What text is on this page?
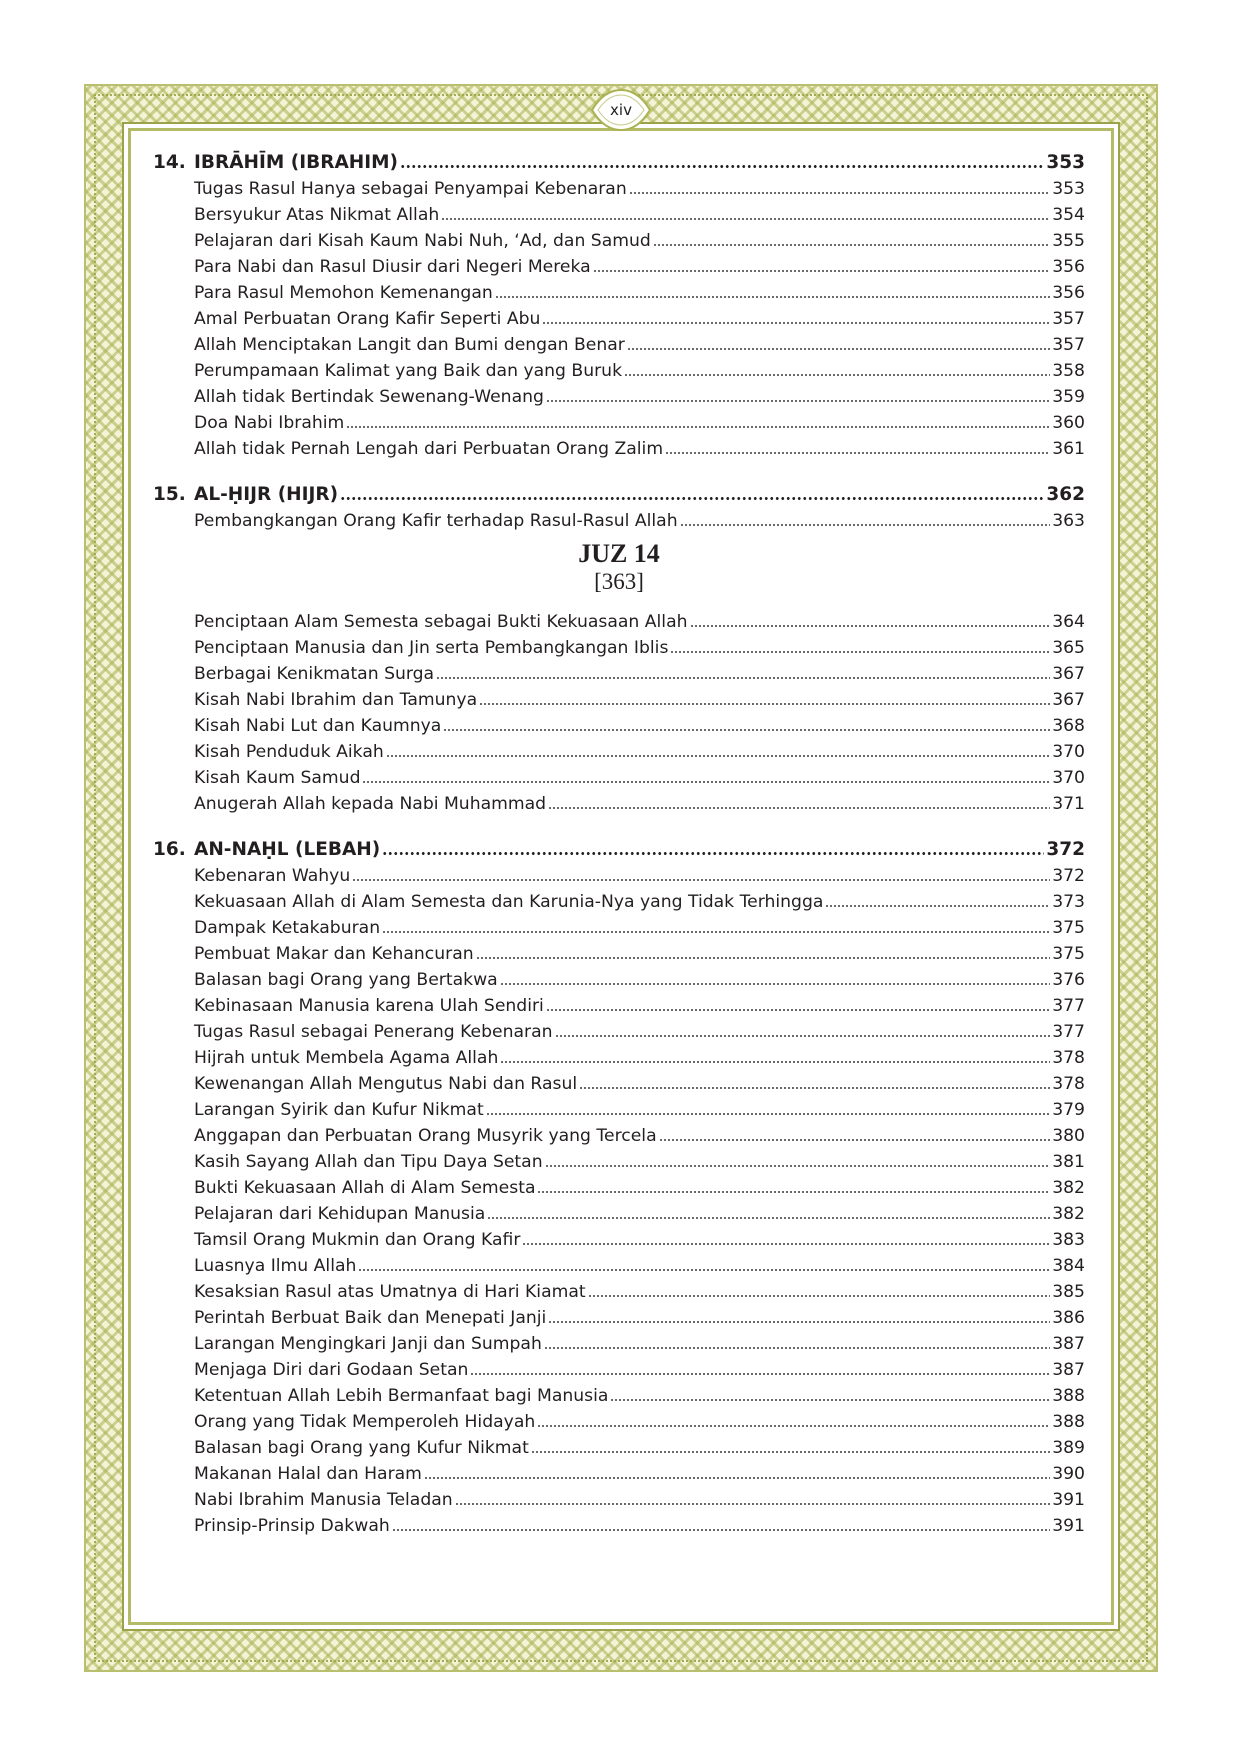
xiv
14. IBRĀHĪM (IBRAHIM)	353
Tugas Rasul Hanya sebagai Penyampai Kebenaran	353
Bersyukur Atas Nikmat Allah	354
Pelajaran dari Kisah Kaum Nabi Nuh, ‘Ad, dan Samud	355
Para Nabi dan Rasul Diusir dari Negeri Mereka	356
Para Rasul Memohon Kemenangan	356
Amal Perbuatan Orang Kafir Seperti Abu	357
Allah Menciptakan Langit dan Bumi dengan Benar	357
Perumpamaan Kalimat yang Baik dan yang Buruk	358
Allah tidak Bertindak Sewenang-Wenang	359
Doa Nabi Ibrahim	360
Allah tidak Pernah Lengah dari Perbuatan Orang Zalim	361
15. AL-ḤIJR (HIJR)	362
Pembangkangan Orang Kafir terhadap Rasul-Rasul Allah	363
JUZ 14
[363]
Penciptaan Alam Semesta sebagai Bukti Kekuasaan Allah	364
Penciptaan Manusia dan Jin serta Pembangkangan Iblis	365
Berbagai Kenikmatan Surga	367
Kisah Nabi Ibrahim dan Tamunya	367
Kisah Nabi Lut dan Kaumnya	368
Kisah Penduduk Aikah	370
Kisah Kaum Samud	370
Anugerah Allah kepada Nabi Muhammad	371
16. AN-NAḤL (LEBAH)	372
Kebenaran Wahyu	372
Kekuasaan Allah di Alam Semesta dan Karunia-Nya yang Tidak Terhingga	373
Dampak Ketakaburan	375
Pembuat Makar dan Kehancuran	375
Balasan bagi Orang yang Bertakwa	376
Kebinasaan Manusia karena Ulah Sendiri	377
Tugas Rasul sebagai Penerang Kebenaran	377
Hijrah untuk Membela Agama Allah	378
Kewenangan Allah Mengutus Nabi dan Rasul	378
Larangan Syirik dan Kufur Nikmat	379
Anggapan dan Perbuatan Orang Musyrik yang Tercela	380
Kasih Sayang Allah dan Tipu Daya Setan	381
Bukti Kekuasaan Allah di Alam Semesta	382
Pelajaran dari Kehidupan Manusia	382
Tamsil Orang Mukmin dan Orang Kafir	383
Luasnya Ilmu Allah	384
Kesaksian Rasul atas Umatnya di Hari Kiamat	385
Perintah Berbuat Baik dan Menepati Janji	386
Larangan Mengingkari Janji dan Sumpah	387
Menjaga Diri dari Godaan Setan	387
Ketentuan Allah Lebih Bermanfaat bagi Manusia	388
Orang yang Tidak Memperoleh Hidayah	388
Balasan bagi Orang yang Kufur Nikmat	389
Makanan Halal dan Haram	390
Nabi Ibrahim Manusia Teladan	391
Prinsip-Prinsip Dakwah	391
